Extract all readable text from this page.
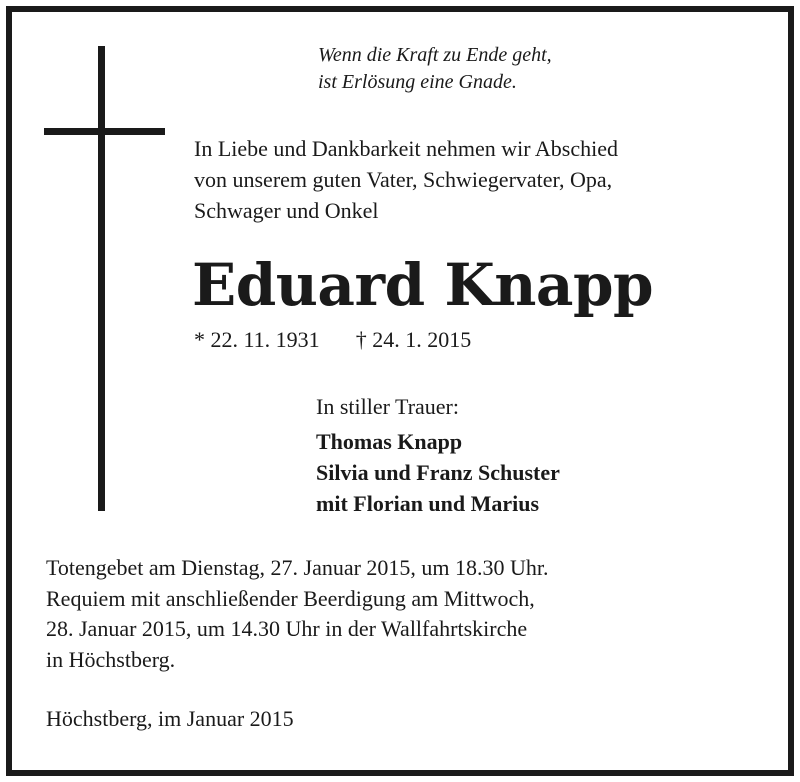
Wenn die Kraft zu Ende geht,
ist Erlösung eine Gnade.
In Liebe und Dankbarkeit nehmen wir Abschied
von unserem guten Vater, Schwiegervater, Opa,
Schwager und Onkel
Eduard Knapp
* 22. 11. 1931 † 24. 1. 2015
In stiller Trauer:
Thomas Knapp
Silvia und Franz Schuster
mit Florian und Marius
Totengebet am Dienstag, 27. Januar 2015, um 18.30 Uhr.
Requiem mit anschließender Beerdigung am Mittwoch,
28. Januar 2015, um 14.30 Uhr in der Wallfahrtskirche
in Höchstberg.
Höchstberg, im Januar 2015
